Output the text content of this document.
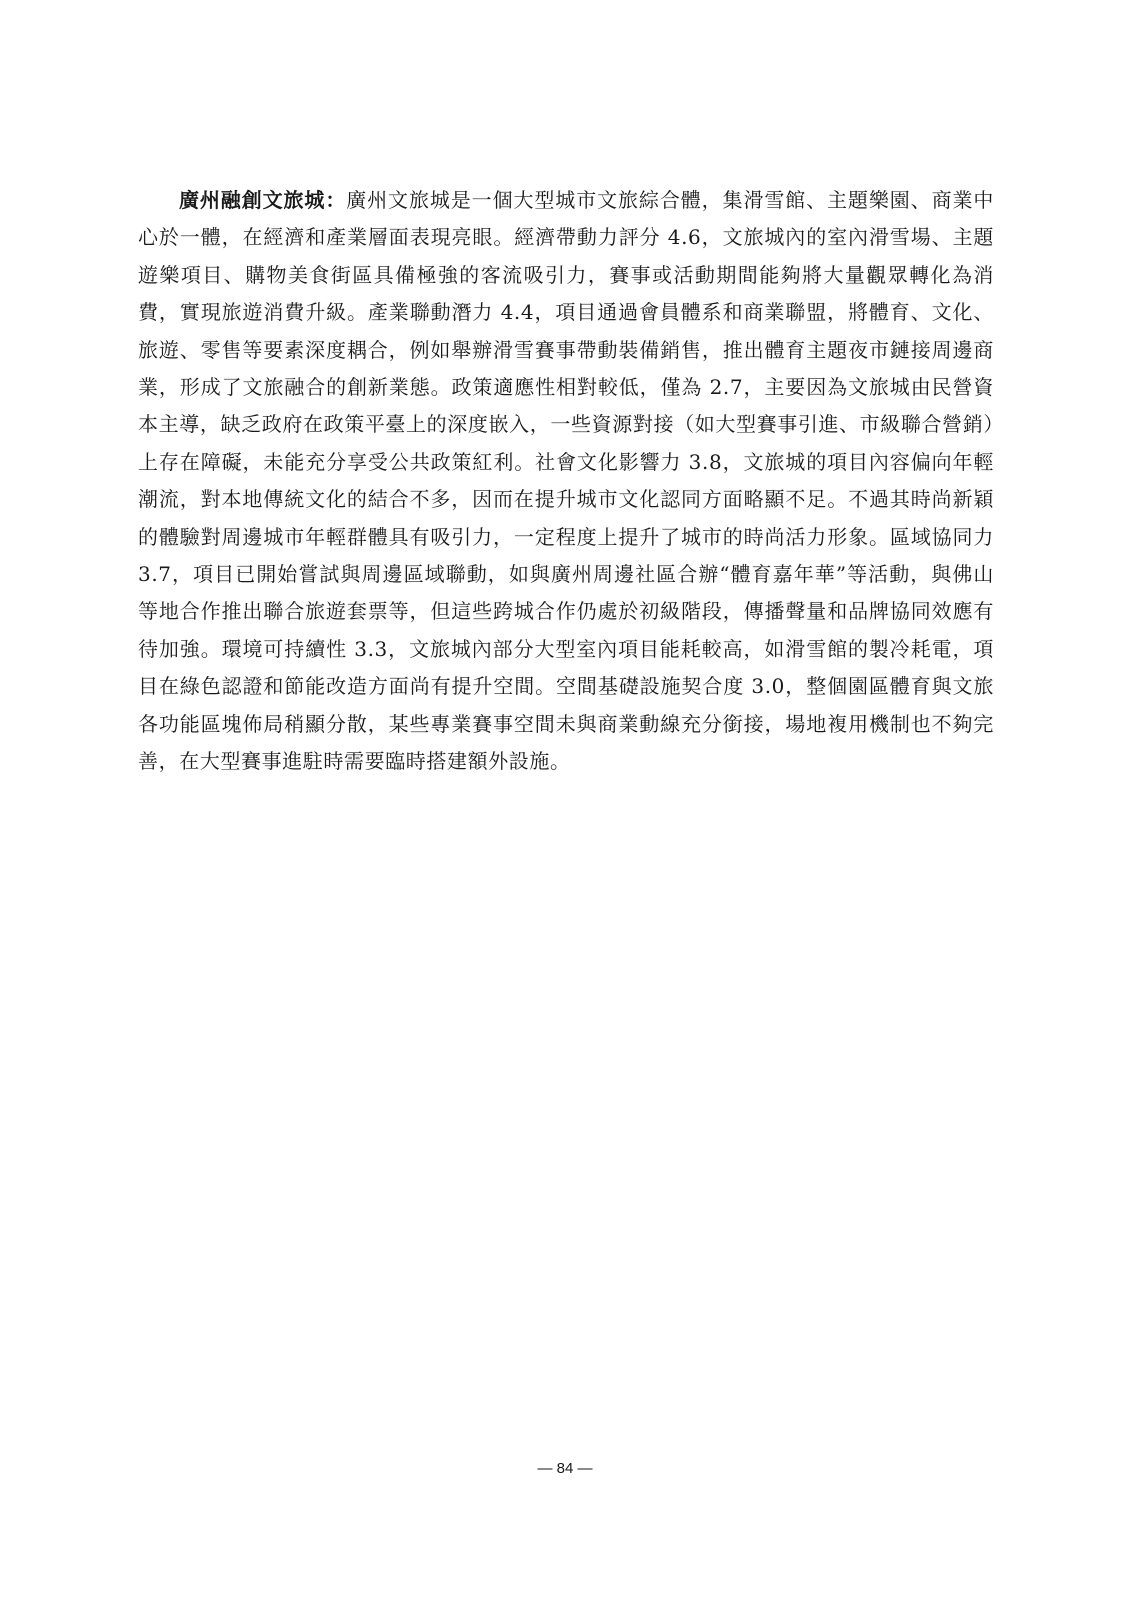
廣州融創文旅城：廣州文旅城是一個大型城市文旅綜合體，集滑雪館、主題樂園、商業中心於一體，在經濟和產業層面表現亮眼。經濟帶動力評分 4.6，文旅城內的室內滑雪場、主題遊樂項目、購物美食街區具備極強的客流吸引力，賽事或活動期間能夠將大量觀眾轉化為消費，實現旅遊消費升級。產業聯動潛力 4.4，項目通過會員體系和商業聯盟，將體育、文化、旅遊、零售等要素深度耦合，例如舉辦滑雪賽事帶動裝備銷售，推出體育主題夜市鏈接周邊商業，形成了文旅融合的創新業態。政策適應性相對較低，僅為 2.7，主要因為文旅城由民營資本主導，缺乏政府在政策平臺上的深度嵌入，一些資源對接（如大型賽事引進、市級聯合營銷）上存在障礙，未能充分享受公共政策紅利。社會文化影響力 3.8，文旅城的項目內容偏向年輕潮流，對本地傳統文化的結合不多，因而在提升城市文化認同方面略顯不足。不過其時尚新穎的體驗對周邊城市年輕群體具有吸引力，一定程度上提升了城市的時尚活力形象。區域協同力 3.7，項目已開始嘗試與周邊區域聯動，如與廣州周邊社區合辦“體育嘉年華”等活動，與佛山等地合作推出聯合旅遊套票等，但這些跨城合作仍處於初級階段，傳播聲量和品牌協同效應有待加強。環境可持續性 3.3，文旅城內部分大型室內項目能耗較高，如滑雪館的製冷耗電，項目在綠色認證和節能改造方面尚有提升空間。空間基礎設施契合度 3.0，整個園區體育與文旅各功能區塊佈局稍顯分散，某些專業賽事空間未與商業動線充分銜接，場地複用機制也不夠完善，在大型賽事進駐時需要臨時搭建額外設施。

— 84 —
